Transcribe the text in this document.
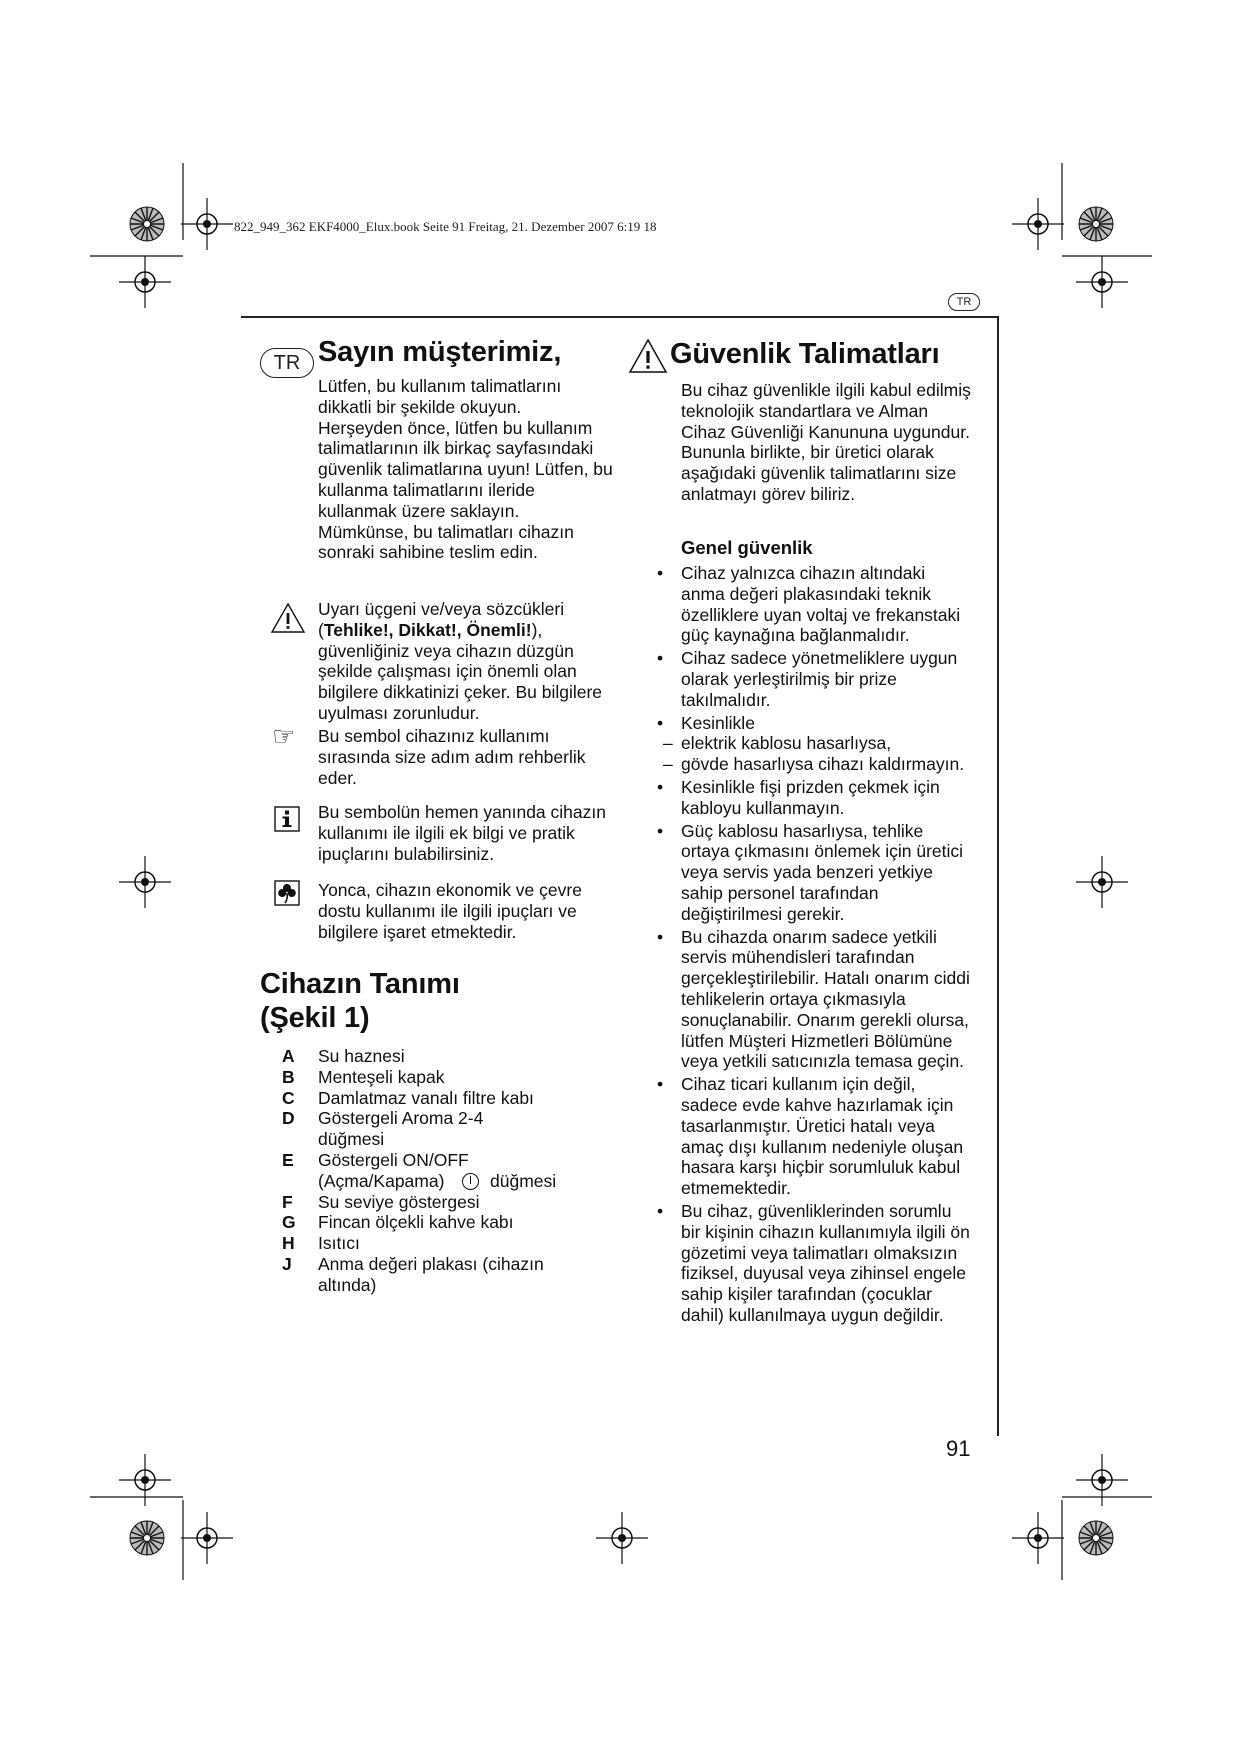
822_949_362 EKF4000_Elux.book Seite 91 Freitag, 21. Dezember 2007 6:19 18
TR
TR Sayın müşterimiz,

Lütfen, bu kullanım talimatlarını dikkatli bir şekilde okuyun.

Herşeyden önce, lütfen bu kullanım talimatlarının ilk birkaç sayfasındaki güvenlik talimatlarına uyun! Lütfen, bu kullanma talimatlarını ileride kullanmak üzere saklayın. Mümkünse, bu talimatları cihazın sonraki sahibine teslim edin.

Uyarı üçgeni ve/veya sözcükleri (Tehlike!, Dikkat!, Önemli!), güvenliğiniz veya cihazın düzgün şekilde çalışması için önemli olan bilgilere dikkatinizi çeker. Bu bilgilere uyulması zorunludur.
☞ Bu sembol cihazınız kullanımı sırasında size adım adım rehberlik eder.
Bu sembolün hemen yanında cihazın kullanımı ile ilgili ek bilgi ve pratik ipuçlarını bulabilirsiniz.
Yonca, cihazın ekonomik ve çevre dostu kullanımı ile ilgili ipuçları ve bilgilere işaret etmektedir.
Cihazın Tanımı
(Şekil 1)
A	Su haznesi
B	Menteşeli kapak
C	Damlatmaz vanalı filtre kabı
D	Göstergeli Aroma 2-4
düğmesi
E	Göstergeli ON/OFF
(Açma/Kapama)	düğmesi
F	Su seviye göstergesi
G	Fincan ölçekli kahve kabı
H	Isıtıcı
J	Anma değeri plakası (cihazın
altında)
Güvenlik Talimatları
Bu cihaz güvenlikle ilgili kabul edilmiş teknolojik standartlara ve Alman Cihaz Güvenliği Kanununa uygundur. Bununla birlikte, bir üretici olarak aşağıdaki güvenlik talimatlarını size anlatmayı görev biliriz.
Genel güvenlik
• Cihaz yalnızca cihazın altındaki anma değeri plakasındaki teknik özelliklere uyan voltaj ve frekanstaki güç kaynağına bağlanmalıdır.
• Cihaz sadece yönetmeliklere uygun olarak yerleştirilmiş bir prize takılmalıdır.
• Kesinlikle
– elektrik kablosu hasarlıysa,
– gövde hasarlıysa cihazı kaldırmayın.
• Kesinlikle fişi prizden çekmek için kabloyu kullanmayın.
• Güç kablosu hasarlıysa, tehlike ortaya çıkmasını önlemek için üretici veya servis yada benzeri yetkiye sahip personel tarafından değiştirilmesi gerekir.
• Bu cihazda onarım sadece yetkili servis mühendisleri tarafından gerçekleştirilebilir. Hatalı onarım ciddi tehlikelerin ortaya çıkmasıyla sonuçlanabilir. Onarım gerekli olursa, lütfen Müşteri Hizmetleri Bölümüne veya yetkili satıcınızla temasa geçin.
• Cihaz ticari kullanım için değil, sadece evde kahve hazırlamak için tasarlanmıştır. Üretici hatalı veya amaç dışı kullanım nedeniyle oluşan hasara karşı hiçbir sorumluluk kabul etmemektedir.
• Bu cihaz, güvenliklerinden sorumlu bir kişinin cihazın kullanımıyla ilgili ön gözetimi veya talimatları olmaksızın fiziksel, duyusal veya zihinsel engele sahip kişiler tarafından (çocuklar dahil) kullanılmaya uygun değildir.
91
